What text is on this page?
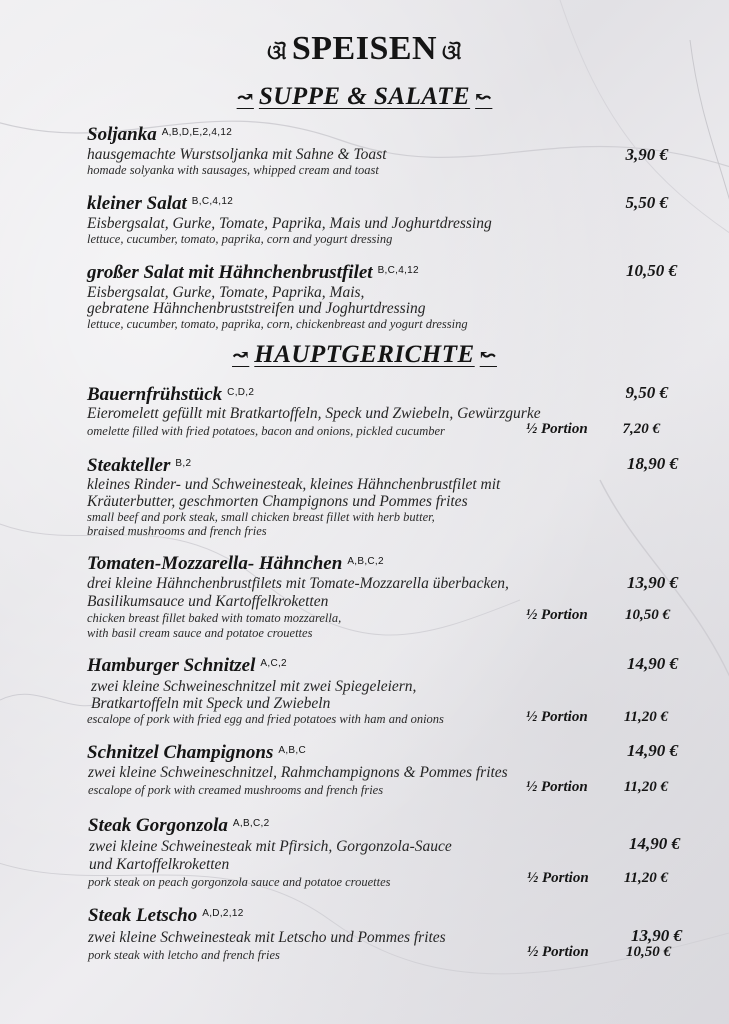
ଔ SPEISEN ଔ
↝ SUPPE & SALATE ↜
Soljanka $^{A,B,D,E,2,4,12}$
hausgemachte Wurstsoljanka mit Sahne & Toast
homade solyanka with sausages, whipped cream and toast
3,90 €
kleiner Salat $^{B,C,4,12}$
Eisbergsalat, Gurke, Tomate, Paprika, Mais und Joghurtdressing
lettuce, cucumber, tomato, paprika, corn and yogurt dressing
5,50 €
großer Salat mit Hähnchenbrustfilet $^{B,C,4,12}$
Eisbergsalat, Gurke, Tomate, Paprika, Mais,
gebratene Hähnchenbruststreifen und Joghurtdressing
lettuce, cucumber, tomato, paprika, corn, chickenbreast and yogurt dressing
10,50 €
↝ HAUPTGERICHTE ↜
Bauernfrühstück $^{C,D,2}$
Eieromelett gefüllt mit Bratkartoffeln, Speck und Zwiebeln, Gewürzgurke
omelette filled with fried potatoes, bacon and onions, pickled cucumber
9,50 €
½ Portion	7,20 €
Steakteller $^{B,2}$
kleines Rinder- und Schweinesteak, kleines Hähnchenbrustfilet mit
Kräuterbutter, geschmorten Champignons und Pommes frites
small beef and pork steak, small chicken breast fillet with herb butter,
braised mushrooms and french fries
18,90 €
Tomaten-Mozzarella- Hähnchen $^{A,B,C,2}$
drei kleine Hähnchenbrustfilets mit Tomate-Mozzarella überbacken,
Basilikumsauce und Kartoffelkroketten
chicken breast fillet baked with tomato mozzarella,
with basil cream sauce and potatoe crouettes
13,90 €
½ Portion	10,50 €
Hamburger Schnitzel $^{A,C,2}$
zwei kleine Schweineschnitzel mit zwei Spiegeleiern,
Bratkartoffeln mit Speck und Zwiebeln
escalope of pork with fried egg and fried potatoes with ham and onions
14,90 €
½ Portion	11,20 €
Schnitzel Champignons $^{A,B,C}$
zwei kleine Schweineschnitzel, Rahmchampignons & Pommes frites
escalope of pork with creamed mushrooms and french fries
14,90 €
½ Portion	11,20 €
Steak Gorgonzola $^{A,B,C,2}$
zwei kleine Schweinesteak mit Pfirsich, Gorgonzola-Sauce
und Kartoffelkroketten
pork steak on peach gorgonzola sauce and potatoe crouettes
14,90 €
½ Portion	11,20 €
Steak Letscho $^{A,D,2,12}$
zwei kleine Schweinesteak mit Letscho und Pommes frites
pork steak with letcho and french fries
13,90 €
½ Portion	10,50 €
